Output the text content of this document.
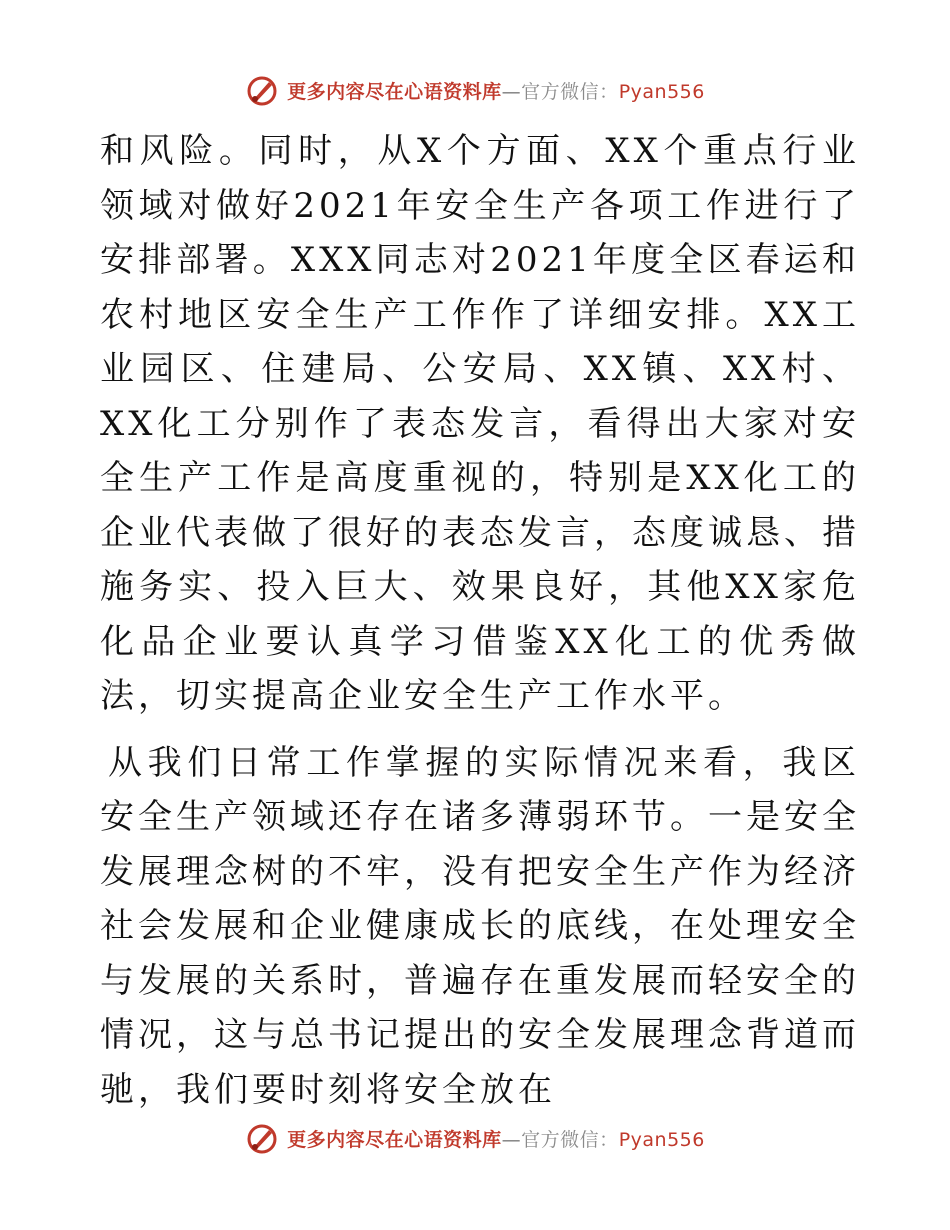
更多内容尽在心语资料库—官方微信：Pyan556

和风险。同时，从X个方面、XX个重点行业领域对做好2021年安全生产各项工作进行了安排部署。XXX同志对2021年度全区春运和农村地区安全生产工作作了详细安排。XX工业园区、住建局、公安局、XX镇、XX村、XX化工分别作了表态发言，看得出大家对安全生产工作是高度重视的，特别是XX化工的企业代表做了很好的表态发言，态度诚恳、措施务实、投入巨大、效果良好，其他XX家危化品企业要认真学习借鉴XX化工的优秀做法，切实提高企业安全生产工作水平。

从我们日常工作掌握的实际情况来看，我区安全生产领域还存在诸多薄弱环节。一是安全发展理念树的不牢，没有把安全生产作为经济社会发展和企业健康成长的底线，在处理安全与发展的关系时，普遍存在重发展而轻安全的情况，这与总书记提出的安全发展理念背道而驰，我们要时刻将安全放在

更多内容尽在心语资料库—官方微信：Pyan556
